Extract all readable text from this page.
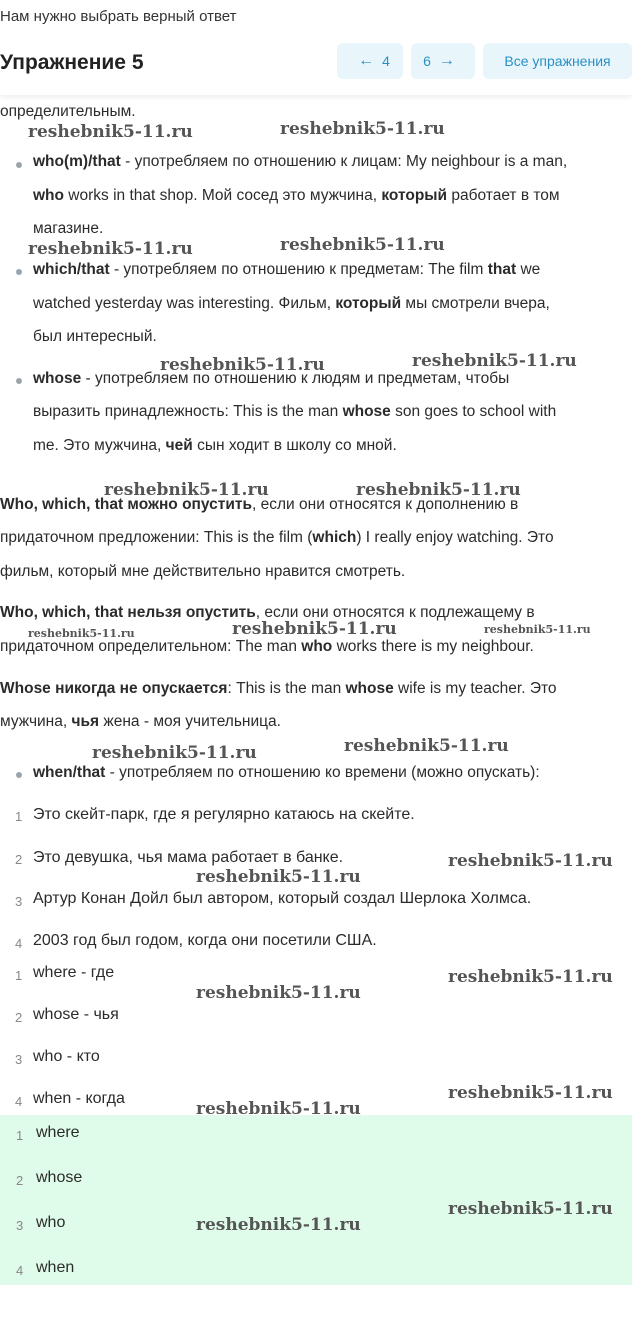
Нам нужно выбрать верный ответ
Упражнение 5	← 4 6 →	Все упражнения
определительным.
who(m)/that - употребляем по отношению к лицам: My neighbour is a man,
who works in that shop. Мой сосед это мужчина, который работает в том
магазине.
which/that - употребляем по отношению к предметам: The film that we
watched yesterday was interesting. Фильм, который мы смотрели вчера,
был интересный.
whose - употребляем по отношению к людям и предметам, чтобы
выразить принадлежность: This is the man whose son goes to school with
me. Это мужчина, чей сын ходит в школу со мной.
Who, which, that можно опустить, если они относятся к дополнению в
придаточном предложении: This is the film (which) I really enjoy watching. Это
фильм, который мне действительно нравится смотреть.
Who, which, that нельзя опустить, если они относятся к подлежащему в
придаточном определительном: The man who works there is my neighbour.
Whose никогда не опускается: This is the man whose wife is my teacher. Это
мужчина, чья жена - моя учительница.
when/that - употребляем по отношению ко времени (можно опускать):
1 Это скейт-парк, где я регулярно катаюсь на скейте.
2 Это девушка, чья мама работает в банке.
3 Артур Конан Дойл был автором, который создал Шерлока Холмса.
4 2003 год был годом, когда они посетили США.
1 where - где
2 whose - чья
3 who - кто
4 when - когда
1 where
2 whose
3 who
4 when
reshebnik5-11.ru	reshebnik5-11.ru
reshebnik5-11.ru	reshebnik5-11.ru
reshebnik5-11.ru	reshebnik5-11.ru
reshebnik5-11.ru	reshebnik5-11.ru
reshebnik5-11.ru	reshebnik5-11.ru	reshebnik5-11.ru
reshebnik5-11.ru	reshebnik5-11.ru
reshebnik5-11.ru
reshebnik5-11.ru
reshebnik5-11.ru
reshebnik5-11.ru
reshebnik5-11.ru
reshebnik5-11.ru
reshebnik5-11.ru
reshebnik5-11.ru
